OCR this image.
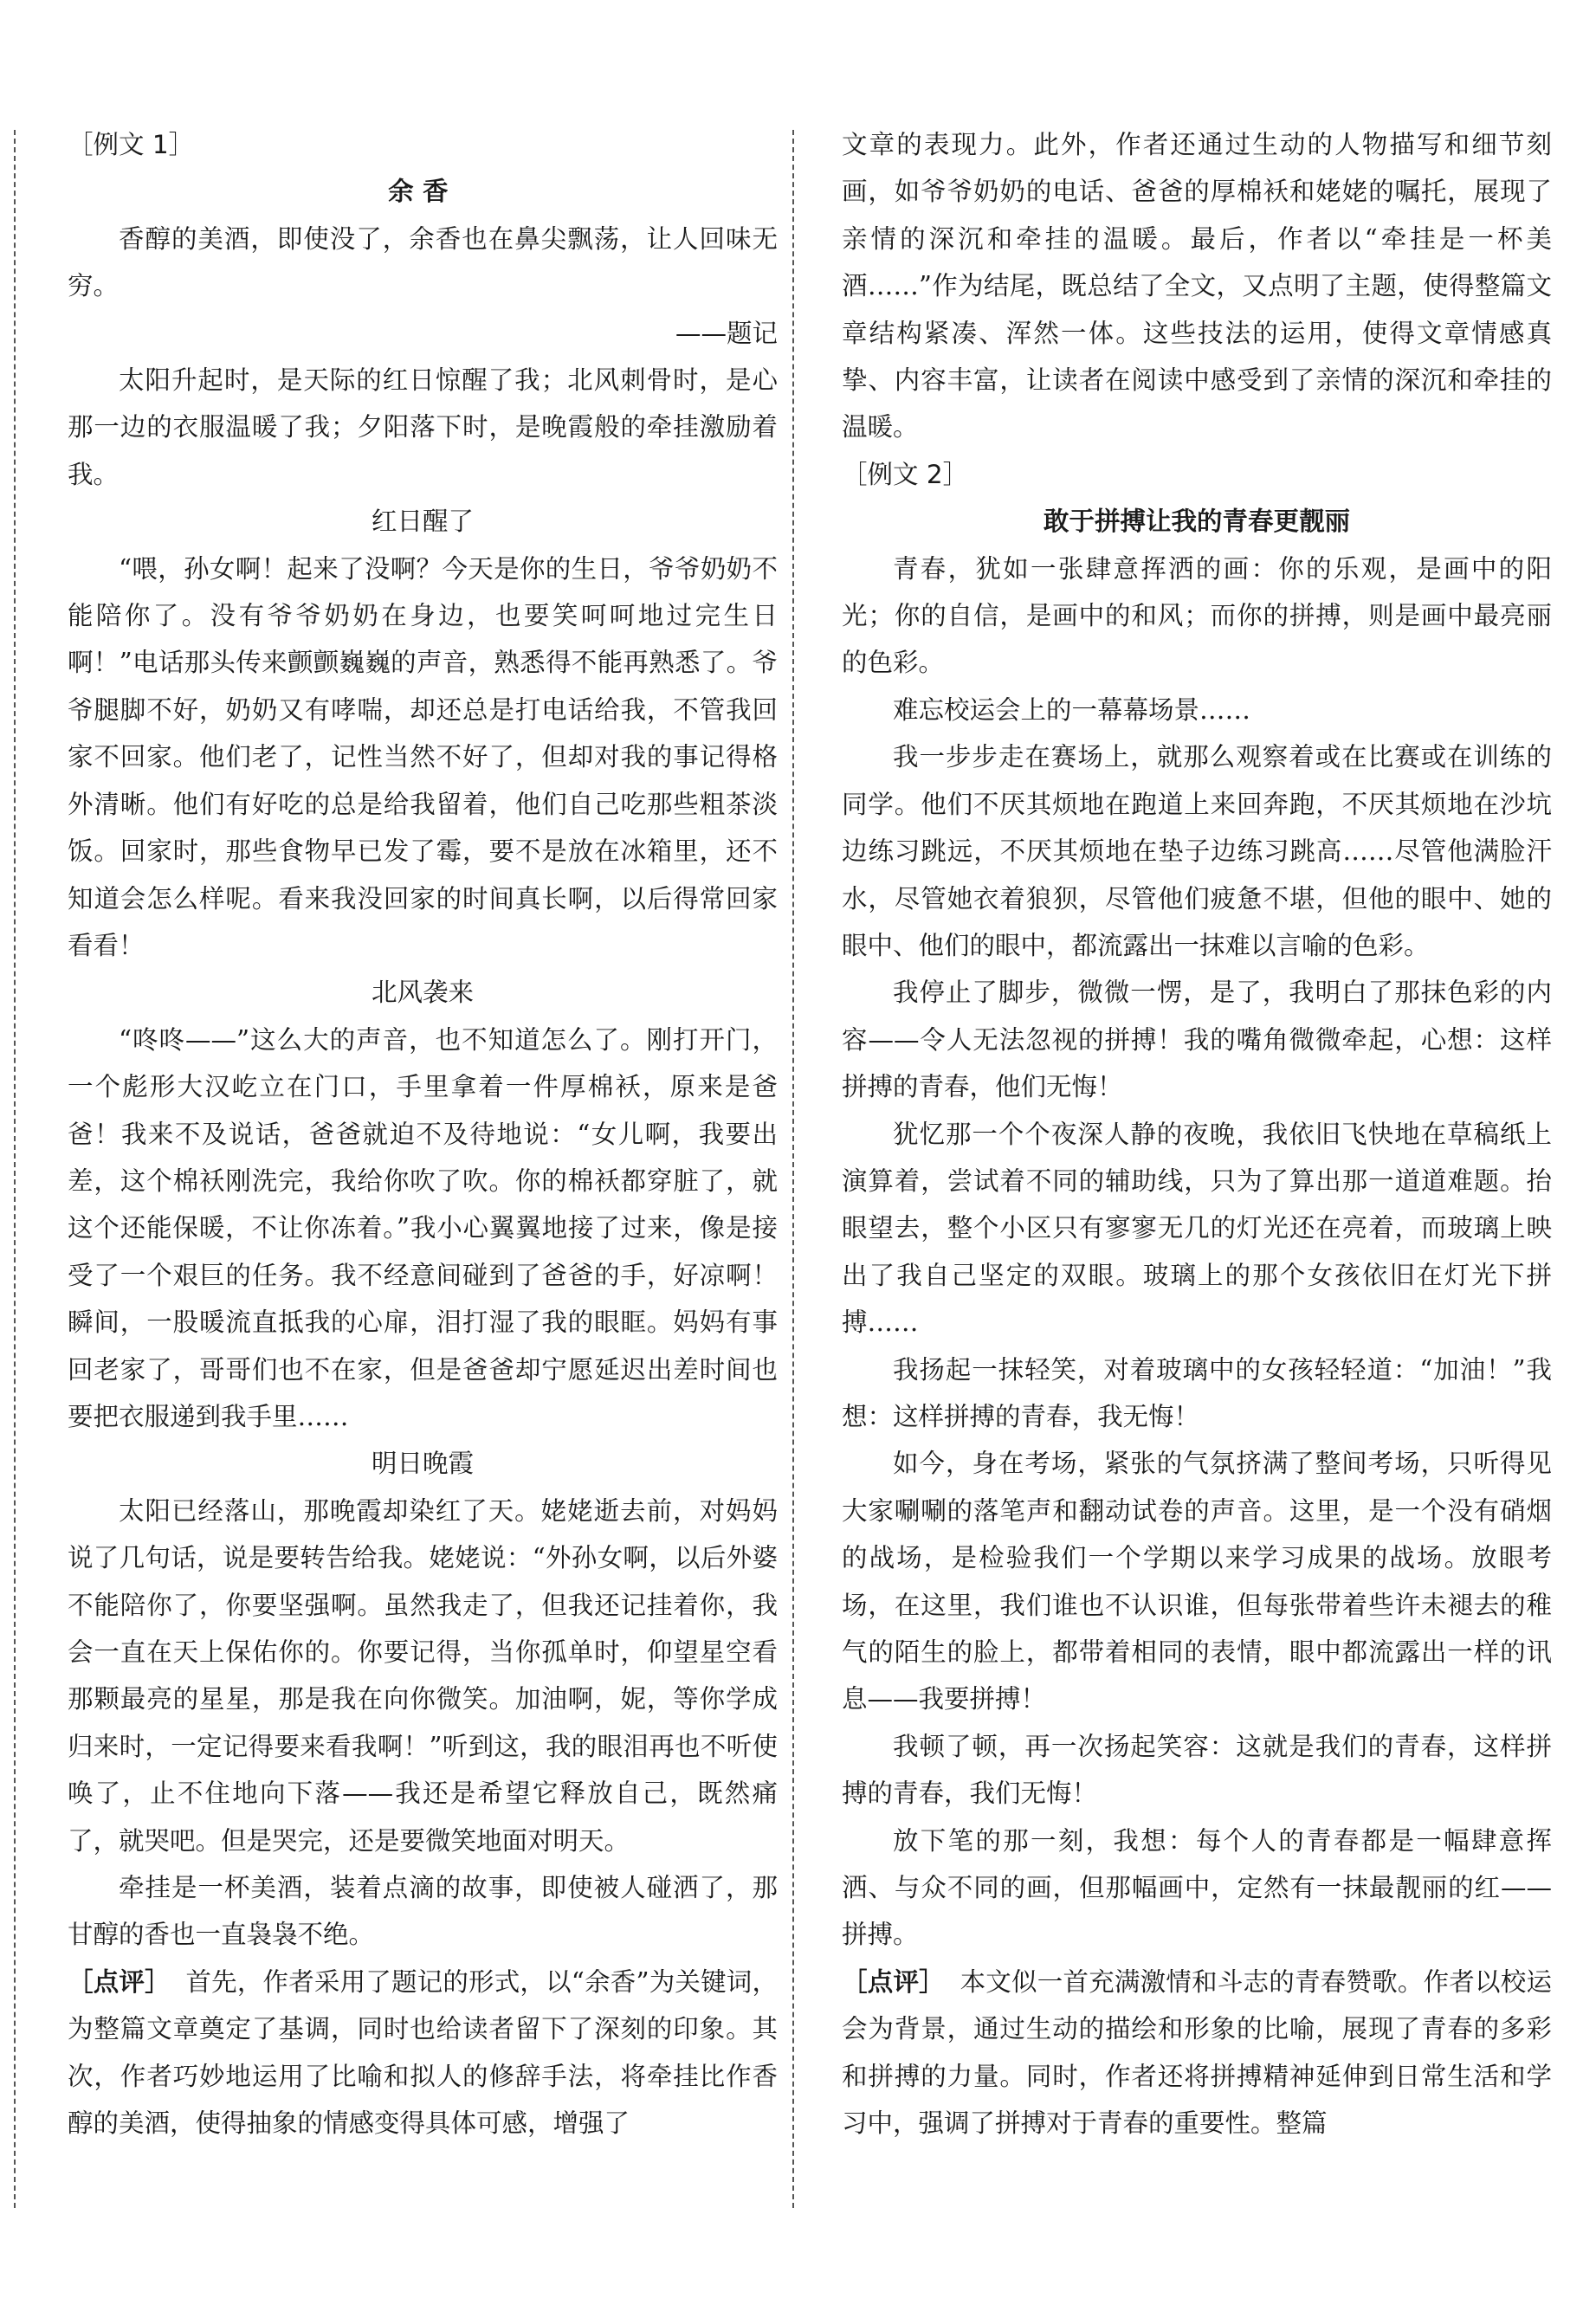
［例文 1］

余香

香醇的美酒，即使没了，余香也在鼻尖飘荡，让人回味无穷。

——题记

太阳升起时，是天际的红日惊醒了我；北风刺骨时，是心那一边的衣服温暖了我；夕阳落下时，是晚霞般的牵挂激励着我。

红日醒了

“喂，孙女啊！起来了没啊？今天是你的生日，爷爷奶奶不能陪你了。没有爷爷奶奶在身边，也要笑呵呵地过完生日啊！”电话那头传来颤颤巍巍的声音，熟悉得不能再熟悉了。爷爷腿脚不好，奶奶又有哮喘，却还总是打电话给我，不管我回家不回家。他们老了，记性当然不好了，但却对我的事记得格外清晰。他们有好吃的总是给我留着，他们自己吃那些粗茶淡饭。回家时，那些食物早已发了霉，要不是放在冰箱里，还不知道会怎么样呢。看来我没回家的时间真长啊，以后得常回家看看！

北风袭来

“咚咚——”这么大的声音，也不知道怎么了。刚打开门，一个彪形大汉屹立在门口，手里拿着一件厚棉袄，原来是爸爸！我来不及说话，爸爸就迫不及待地说：“女儿啊，我要出差，这个棉袄刚洗完，我给你吹了吹。你的棉袄都穿脏了，就这个还能保暖，不让你冻着。”我小心翼翼地接了过来，像是接受了一个艰巨的任务。我不经意间碰到了爸爸的手，好凉啊！瞬间，一股暖流直抵我的心扉，泪打湿了我的眼眶。妈妈有事回老家了，哥哥们也不在家，但是爸爸却宁愿延迟出差时间也要把衣服递到我手里……

明日晚霞

太阳已经落山，那晚霞却染红了天。姥姥逝去前，对妈妈说了几句话，说是要转告给我。姥姥说：“外孙女啊，以后外婆不能陪你了，你要坚强啊。虽然我走了，但我还记挂着你，我会一直在天上保佑你的。你要记得，当你孤单时，仰望星空看那颗最亮的星星，那是我在向你微笑。加油啊，妮，等你学成归来时，一定记得要来看我啊！”听到这，我的眼泪再也不听使唤了，止不住地向下落——我还是希望它释放自己，既然痛了，就哭吧。但是哭完，还是要微笑地面对明天。

牵挂是一杯美酒，装着点滴的故事，即使被人碰洒了，那甘醇的香也一直袅袅不绝。

［点评］ 首先，作者采用了题记的形式，以“余香”为关键词，为整篇文章奠定了基调，同时也给读者留下了深刻的印象。其次，作者巧妙地运用了比喻和拟人的修辞手法，将牵挂比作香醇的美酒，使得抽象的情感变得具体可感，增强了

文章的表现力。此外，作者还通过生动的人物描写和细节刻画，如爷爷奶奶的电话、爸爸的厚棉袄和姥姥的嘱托，展现了亲情的深沉和牵挂的温暖。最后，作者以“牵挂是一杯美酒……”作为结尾，既总结了全文，又点明了主题，使得整篇文章结构紧凑、浑然一体。这些技法的运用，使得文章情感真挚、内容丰富，让读者在阅读中感受到了亲情的深沉和牵挂的温暖。

［例文 2］

敢于拼搏让我的青春更靓丽

青春，犹如一张肆意挥洒的画：你的乐观，是画中的阳光；你的自信，是画中的和风；而你的拼搏，则是画中最亮丽的色彩。

难忘校运会上的一幕幕场景……

我一步步走在赛场上，就那么观察着或在比赛或在训练的同学。他们不厌其烦地在跑道上来回奔跑，不厌其烦地在沙坑边练习跳远，不厌其烦地在垫子边练习跳高……尽管他满脸汗水，尽管她衣着狼狈，尽管他们疲惫不堪，但他的眼中、她的眼中、他们的眼中，都流露出一抹难以言喻的色彩。

我停止了脚步，微微一愣，是了，我明白了那抹色彩的内容——令人无法忽视的拼搏！我的嘴角微微牵起，心想：这样拼搏的青春，他们无悔！

犹忆那一个个夜深人静的夜晚，我依旧飞快地在草稿纸上演算着，尝试着不同的辅助线，只为了算出那一道道难题。抬眼望去，整个小区只有寥寥无几的灯光还在亮着，而玻璃上映出了我自己坚定的双眼。玻璃上的那个女孩依旧在灯光下拼搏……

我扬起一抹轻笑，对着玻璃中的女孩轻轻道：“加油！”我想：这样拼搏的青春，我无悔！

如今，身在考场，紧张的气氛挤满了整间考场，只听得见大家唰唰的落笔声和翻动试卷的声音。这里，是一个没有硝烟的战场，是检验我们一个学期以来学习成果的战场。放眼考场，在这里，我们谁也不认识谁，但每张带着些许未褪去的稚气的陌生的脸上，都带着相同的表情，眼中都流露出一样的讯息——我要拼搏！

我顿了顿，再一次扬起笑容：这就是我们的青春，这样拼搏的青春，我们无悔！

放下笔的那一刻，我想：每个人的青春都是一幅肆意挥洒、与众不同的画，但那幅画中，定然有一抹最靓丽的红——拼搏。

［点评］ 本文似一首充满激情和斗志的青春赞歌。作者以校运会为背景，通过生动的描绘和形象的比喻，展现了青春的多彩和拼搏的力量。同时，作者还将拼搏精神延伸到日常生活和学习中，强调了拼搏对于青春的重要性。整篇
